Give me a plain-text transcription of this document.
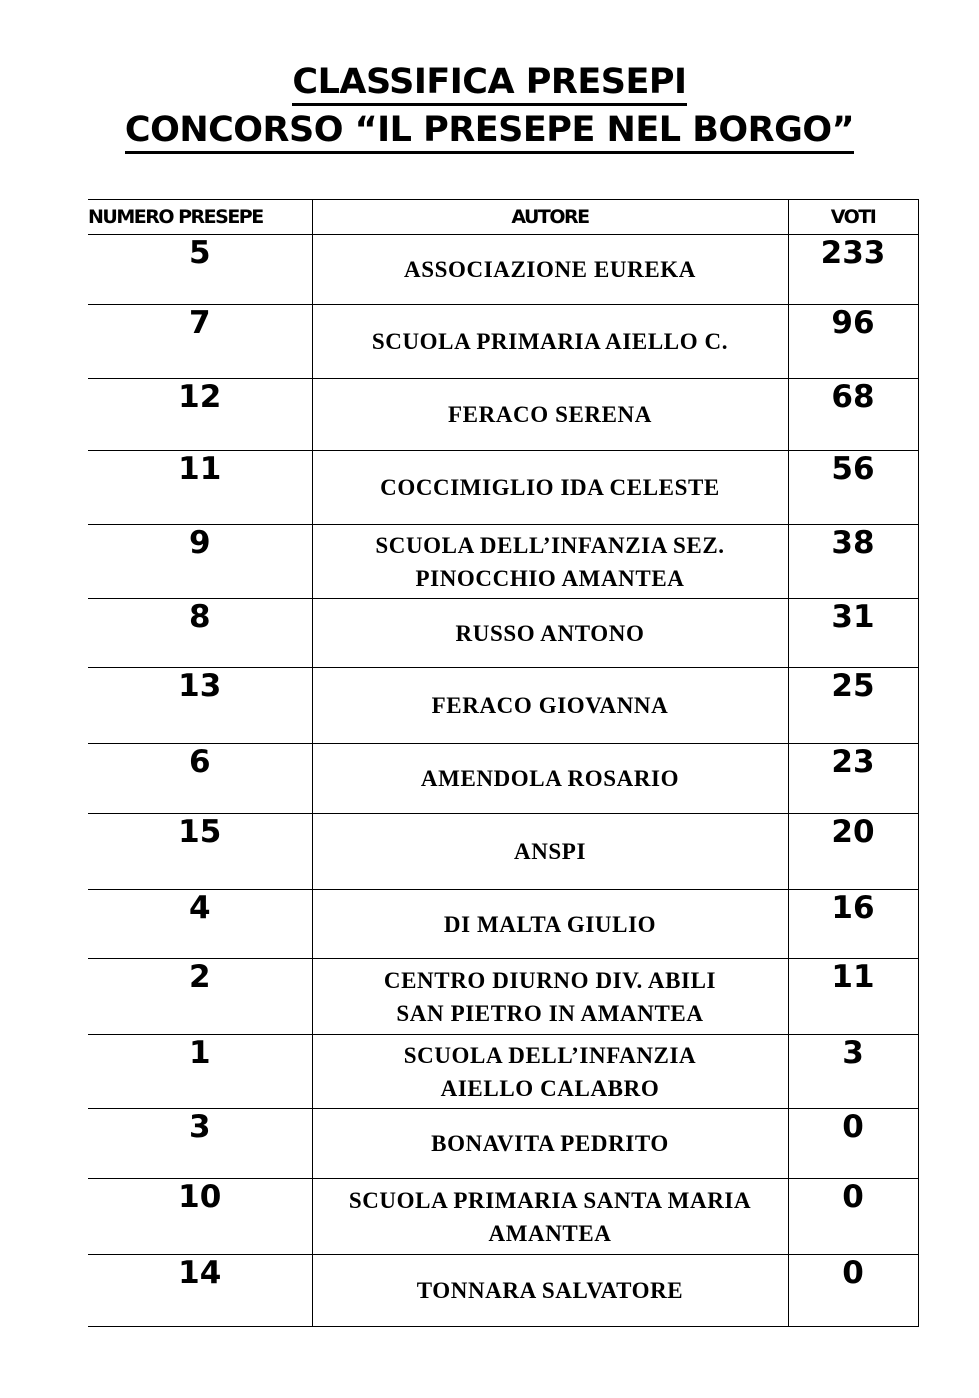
CLASSIFICA PRESEPI
CONCORSO “IL PRESEPE NEL BORGO”
NUMERO PRESEPE	AUTORE	VOTI
5	ASSOCIAZIONE EUREKA	233
7	SCUOLA PRIMARIA AIELLO C.	96
12	FERACO SERENA	68
11	COCCIMIGLIO IDA CELESTE	56
9	SCUOLA DELL’INFANZIA SEZ.
PINOCCHIO AMANTEA	38
8	RUSSO ANTONO	31
13	FERACO GIOVANNA	25
6	AMENDOLA ROSARIO	23
15	ANSPI	20
4	DI MALTA GIULIO	16
2	CENTRO DIURNO DIV. ABILI
SAN PIETRO IN AMANTEA	11
1	SCUOLA DELL’INFANZIA
AIELLO CALABRO	3
3	BONAVITA PEDRITO	0
10	SCUOLA PRIMARIA SANTA MARIA
AMANTEA	0
14	TONNARA SALVATORE	0
